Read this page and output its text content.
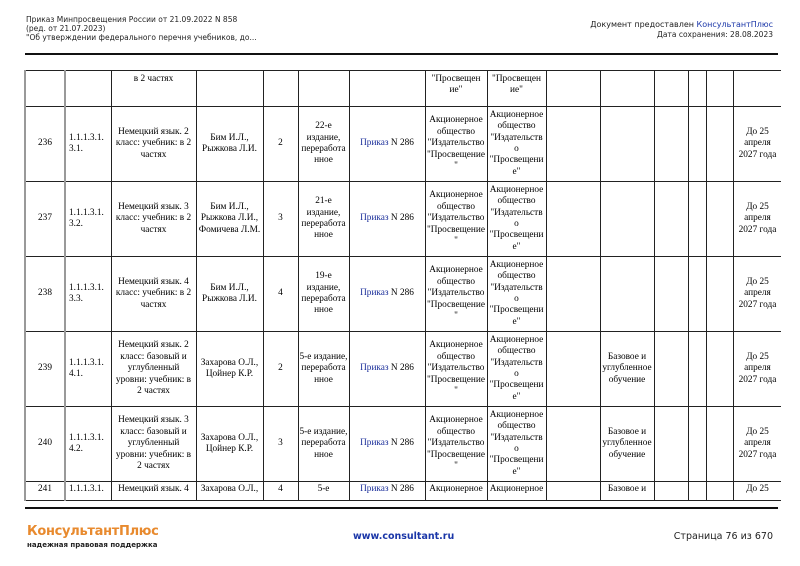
Приказ Минпросвещения России от 21.09.2022 N 858
(ред. от 21.07.2023)
"Об утверждении федерального перечня учебников, до...
Документ предоставлен КонсультантПлюс
Дата сохранения: 28.08.2023
		в 2 частях					"Просвещен ие"	"Просвещен ие"						
236	1.1.1.3.1. 3.1.	Немецкий язык. 2 класс: учебник: в 2 частях	Бим И.Л., Рыжкова Л.И.	2	22-е издание, переработанное	Приказ N 286	Акционерное общество "Издательство "Просвещение"	Акционерное общество "Издательство "Просвещение"						До 25 апреля 2027 года
237	1.1.1.3.1. 3.2.	Немецкий язык. 3 класс: учебник: в 2 частях	Бим И.Л., Рыжкова Л.И., Фомичева Л.М.	3	21-е издание, переработанное	Приказ N 286	Акционерное общество "Издательство "Просвещение"	Акционерное общество "Издательство "Просвещение"						До 25 апреля 2027 года
238	1.1.1.3.1. 3.3.	Немецкий язык. 4 класс: учебник: в 2 частях	Бим И.Л., Рыжкова Л.И.	4	19-е издание, переработанное	Приказ N 286	Акционерное общество "Издательство "Просвещение"	Акционерное общество "Издательство "Просвещение"						До 25 апреля 2027 года
239	1.1.1.3.1. 4.1.	Немецкий язык. 2 класс: базовый и углубленный уровни: учебник: в 2 частях	Захарова О.Л., Цойнер К.Р.	2	5-е издание, переработанное	Приказ N 286	Акционерное общество "Издательство "Просвещение"	Акционерное общество "Издательство "Просвещение"		Базовое и углубленное обучение				До 25 апреля 2027 года
240	1.1.1.3.1. 4.2.	Немецкий язык. 3 класс: базовый и углубленный уровни: учебник: в 2 частях	Захарова О.Л., Цойнер К.Р.	3	5-е издание, переработанное	Приказ N 286	Акционерное общество "Издательство "Просвещение"	Акционерное общество "Издательство "Просвещение"		Базовое и углубленное обучение				До 25 апреля 2027 года
241	1.1.1.3.1.	Немецкий язык. 4	Захарова О.Л.,	4	5-е	Приказ N 286	Акционерное	Акционерное		Базовое и				До 25
КонсультантПлюс
надежная правовая поддержка
www.consultant.ru	Страница 76 из 670
